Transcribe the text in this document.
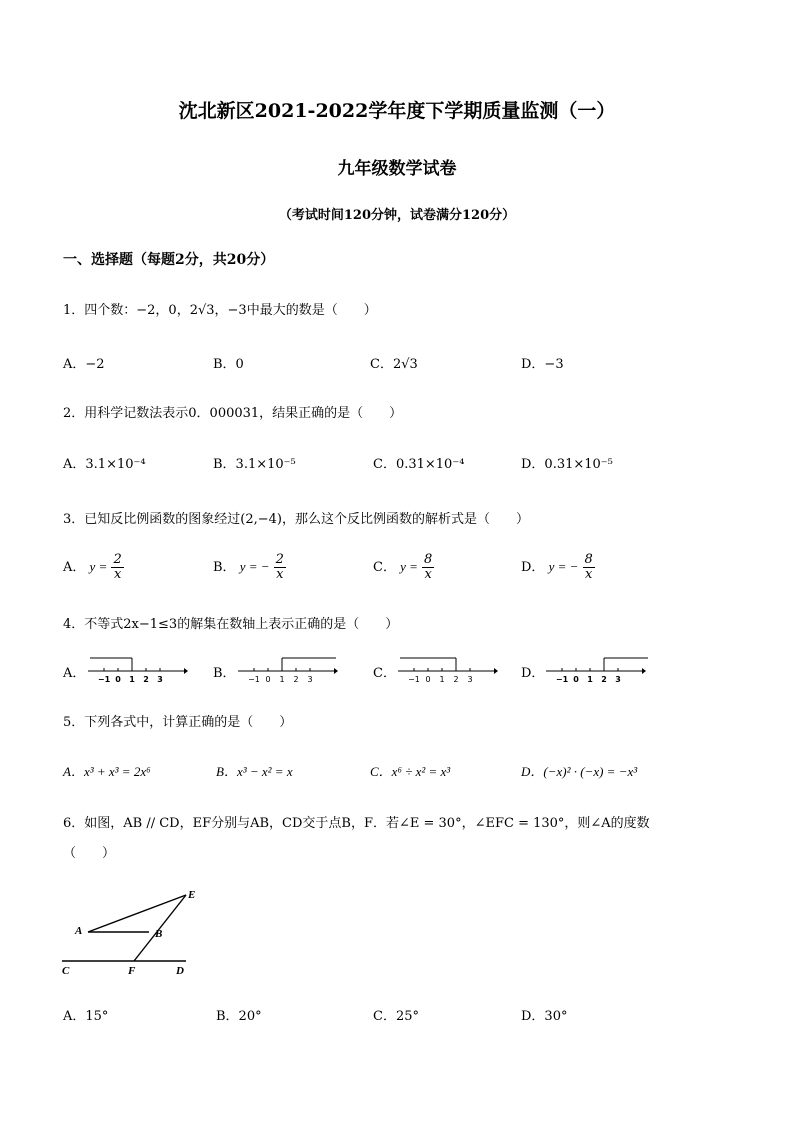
沈北新区2021-2022学年度下学期质量监测（一）
九年级数学试卷
（考试时间120分钟，试卷满分120分）
一、选择题（每题2分，共20分）
1．四个数：−2，0，2√3，−3中最大的数是（　　）
A．−2	B．0	C．2√3	D．−3
2．用科学记数法表示0．000031，结果正确的是（　　）
A．3.1×10⁻⁴	B．3.1×10⁻⁵	C．0.31×10⁻⁴	D．0.31×10⁻⁵
3．已知反比例函数的图象经过(2,−4)，那么这个反比例函数的解析式是（　　）
A． $y = \frac{2}{x}$	B． y = − $\frac{2}{x}$	C． $y = \frac{8}{x}$	D． y = − $\frac{8}{x}$
4．不等式2x−1≤3的解集在数轴上表示正确的是（　　）
A． −1 0 1 2 3	B． −1 0 1 2 3	C． −1 0 1 2 3	D． −1 0 1 2 3
5．下列各式中，计算正确的是（　　）
A．x³ + x³ = 2x⁶	B．x³ − x² = x	C．x⁶ ÷ x² = x³	D．(−x)² · (−x) = −x³
6．如图，AB // CD，EF分别与AB，CD交于点B，F．若∠E = 30°，∠EFC = 130°，则∠A的度数
（　　）
E
A	B
C	F	D
A．15°	B．20°	C．25°	D．30°
